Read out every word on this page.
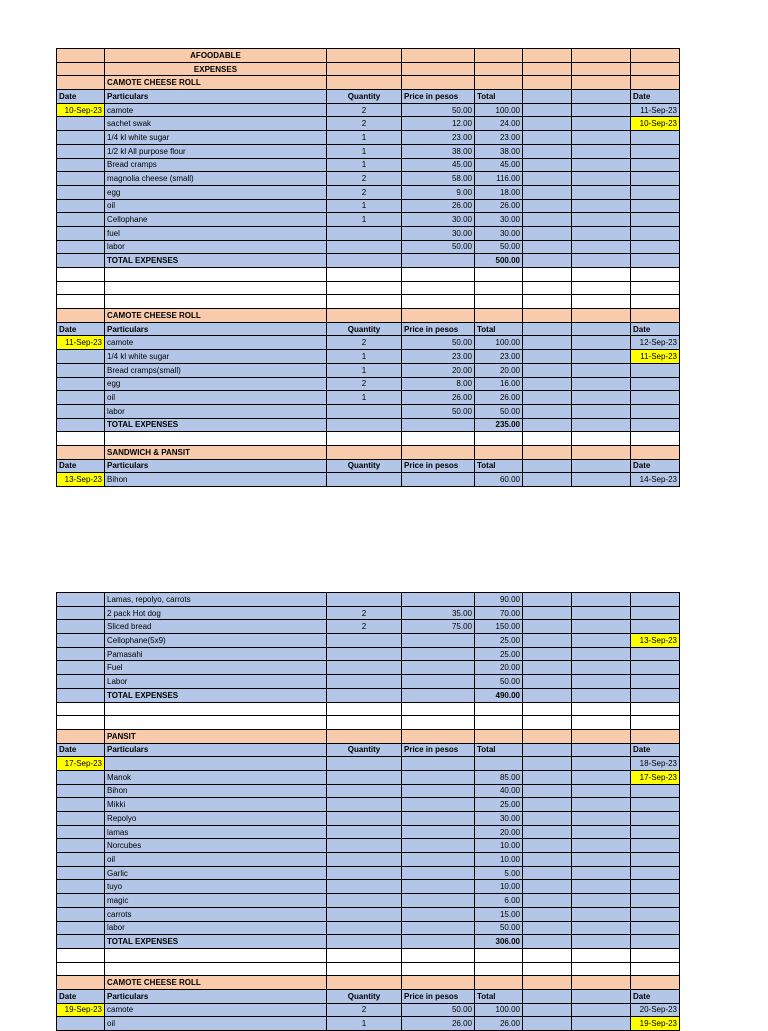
	AFOODABLE						
	EXPENSES						
	CAMOTE CHEESE ROLL						
Date	Particulars	Quantity	Price in pesos	Total			Date
10-Sep-23	camote	2	50.00	100.00			11-Sep-23
	sachet swak	2	12.00	24.00			10-Sep-23
	1/4 kl white sugar	1	23.00	23.00			
	1/2 kl All purpose flour	1	38.00	38.00			
	Bread cramps	1	45.00	45.00			
	magnolia cheese (small)	2	58.00	116.00			
	egg	2	9.00	18.00			
	oil	1	26.00	26.00			
	Cellophane	1	30.00	30.00			
	fuel		30.00	30.00			
	labor		50.00	50.00			
	TOTAL EXPENSES			500.00			

	CAMOTE CHEESE ROLL						
Date	Particulars	Quantity	Price in pesos	Total			Date
11-Sep-23	camote	2	50.00	100.00			12-Sep-23
	1/4 kl white sugar	1	23.00	23.00			11-Sep-23
	Bread cramps(small)	1	20.00	20.00			
	egg	2	8.00	16.00			
	oil	1	26.00	26.00			
	labor		50.00	50.00			
	TOTAL EXPENSES			235.00			

	SANDWICH & PANSIT						
Date	Particulars	Quantity	Price in pesos	Total			Date
13-Sep-23	Bihon			60.00			14-Sep-23
	Lamas, repolyo, carrots			90.00			
	2 pack Hot dog	2	35.00	70.00			
	Sliced bread	2	75.00	150.00			
	Cellophane(5x9)			25.00			13-Sep-23
	Pamasahi			25.00			
	Fuel			20.00			
	Labor			50.00			
	TOTAL EXPENSES			490.00			

	PANSIT						
Date	Particulars	Quantity	Price in pesos	Total			Date
17-Sep-23							18-Sep-23
	Manok			85.00			17-Sep-23
	Bihon			40.00			
	Mikki			25.00			
	Repolyo			30.00			
	lamas			20.00			
	Norcubes			10.00			
	oil			10.00			
	Garlic			5.00			
	tuyo			10.00			
	magic			6.00			
	carrots			15.00			
	labor			50.00			
	TOTAL EXPENSES			306.00			

	CAMOTE CHEESE ROLL						
Date	Particulars	Quantity	Price in pesos	Total			Date
19-Sep-23	camote	2	50.00	100.00			20-Sep-23
	oil	1	26.00	26.00			19-Sep-23
